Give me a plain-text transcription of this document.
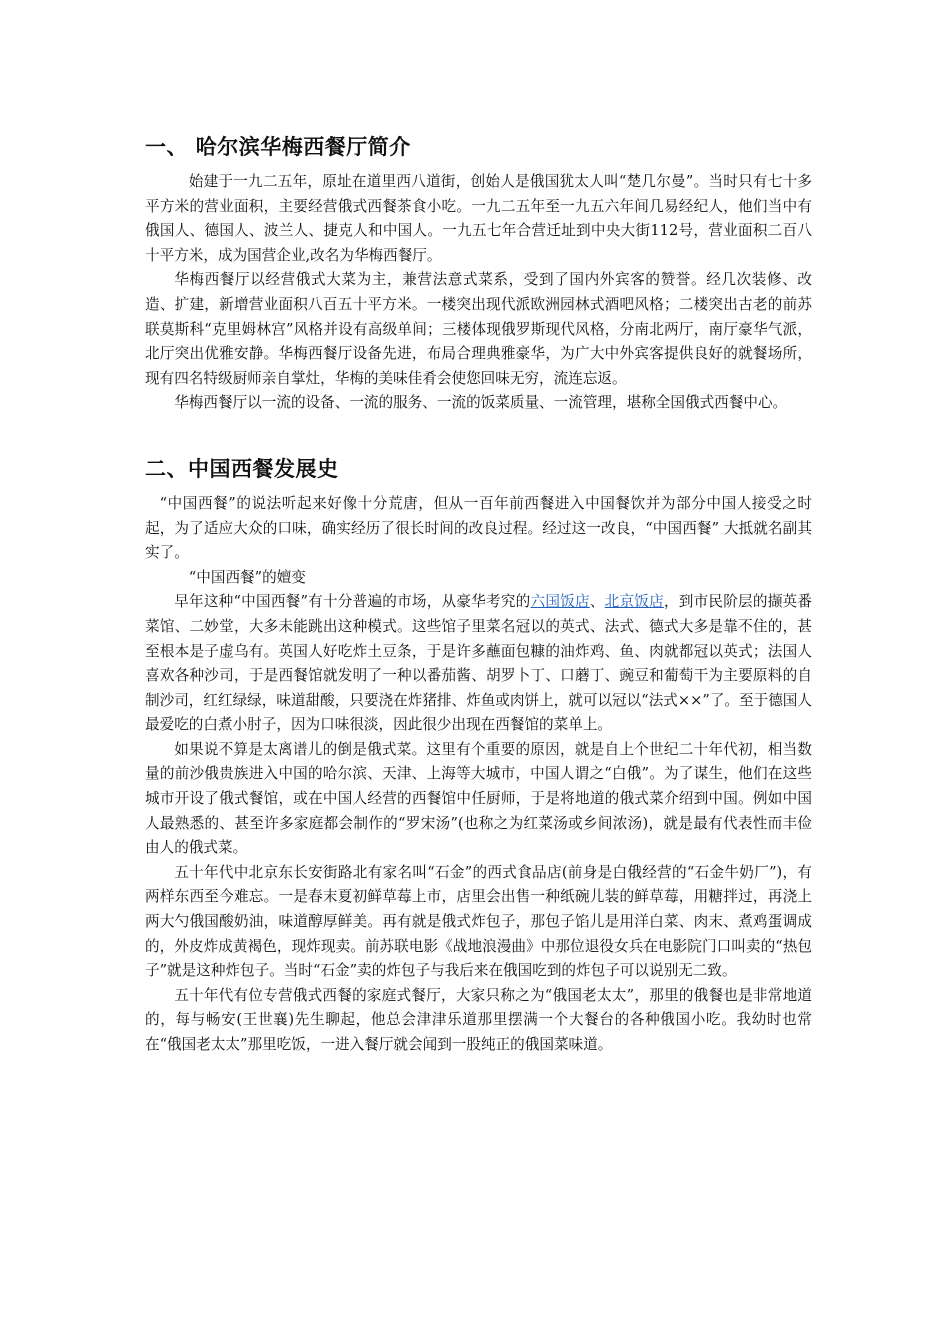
一、 哈尔滨华梅西餐厅简介

始建于一九二五年，原址在道里西八道街，创始人是俄国犹太人叫“楚几尔曼”。当时只有七十多平方米的营业面积，主要经营俄式西餐茶食小吃。一九二五年至一九五六年间几易经纪人，他们当中有俄国人、德国人、波兰人、捷克人和中国人。一九五七年合营迁址到中央大街112号，营业面积二百八十平方米，成为国营企业,改名为华梅西餐厅。

华梅西餐厅以经营俄式大菜为主，兼营法意式菜系，受到了国内外宾客的赞誉。经几次装修、改造、扩建，新增营业面积八百五十平方米。一楼突出现代派欧洲园林式酒吧风格；二楼突出古老的前苏联莫斯科“克里姆林宫”风格并设有高级单间；三楼体现俄罗斯现代风格，分南北两厅，南厅豪华气派，北厅突出优雅安静。华梅西餐厅设备先进，布局合理典雅豪华，为广大中外宾客提供良好的就餐场所，现有四名特级厨师亲自掌灶，华梅的美味佳肴会使您回味无穷，流连忘返。

华梅西餐厅以一流的设备、一流的服务、一流的饭菜质量、一流管理，堪称全国俄式西餐中心。

二、中国西餐发展史

“中国西餐”的说法听起来好像十分荒唐，但从一百年前西餐进入中国餐饮并为部分中国人接受之时起，为了适应大众的口味，确实经历了很长时间的改良过程。经过这一改良，“中国西餐” 大抵就名副其实了。

“中国西餐”的嬗变

早年这种“中国西餐”有十分普遍的市场，从豪华考究的六国饭店、北京饭店，到市民阶层的撷英番菜馆、二妙堂，大多未能跳出这种模式。这些馆子里菜名冠以的英式、法式、德式大多是靠不住的，甚至根本是子虚乌有。英国人好吃炸土豆条，于是许多蘸面包糠的油炸鸡、鱼、肉就都冠以英式；法国人喜欢各种沙司，于是西餐馆就发明了一种以番茄酱、胡罗卜丁、口蘑丁、豌豆和葡萄干为主要原料的自制沙司，红红绿绿，味道甜酸，只要浇在炸猪排、炸鱼或肉饼上，就可以冠以“法式××”了。至于德国人最爱吃的白煮小肘子，因为口味很淡，因此很少出现在西餐馆的菜单上。

如果说不算是太离谱儿的倒是俄式菜。这里有个重要的原因，就是自上个世纪二十年代初，相当数量的前沙俄贵族进入中国的哈尔滨、天津、上海等大城市，中国人谓之“白俄”。为了谋生，他们在这些城市开设了俄式餐馆，或在中国人经营的西餐馆中任厨师，于是将地道的俄式菜介绍到中国。例如中国人最熟悉的、甚至许多家庭都会制作的“罗宋汤”(也称之为红菜汤或乡间浓汤)，就是最有代表性而丰俭由人的俄式菜。

五十年代中北京东长安街路北有家名叫“石金”的西式食品店(前身是白俄经营的“石金牛奶厂”)，有两样东西至今难忘。一是春末夏初鲜草莓上市，店里会出售一种纸碗儿装的鲜草莓，用糖拌过，再浇上两大勺俄国酸奶油，味道醇厚鲜美。再有就是俄式炸包子，那包子馅儿是用洋白菜、肉末、煮鸡蛋调成的，外皮炸成黄褐色，现炸现卖。前苏联电影《战地浪漫曲》中那位退役女兵在电影院门口叫卖的“热包子”就是这种炸包子。当时“石金”卖的炸包子与我后来在俄国吃到的炸包子可以说别无二致。

五十年代有位专营俄式西餐的家庭式餐厅，大家只称之为“俄国老太太”，那里的俄餐也是非常地道的，每与畅安(王世襄)先生聊起，他总会津津乐道那里摆满一个大餐台的各种俄国小吃。我幼时也常在“俄国老太太”那里吃饭，一进入餐厅就会闻到一股纯正的俄国菜味道。
